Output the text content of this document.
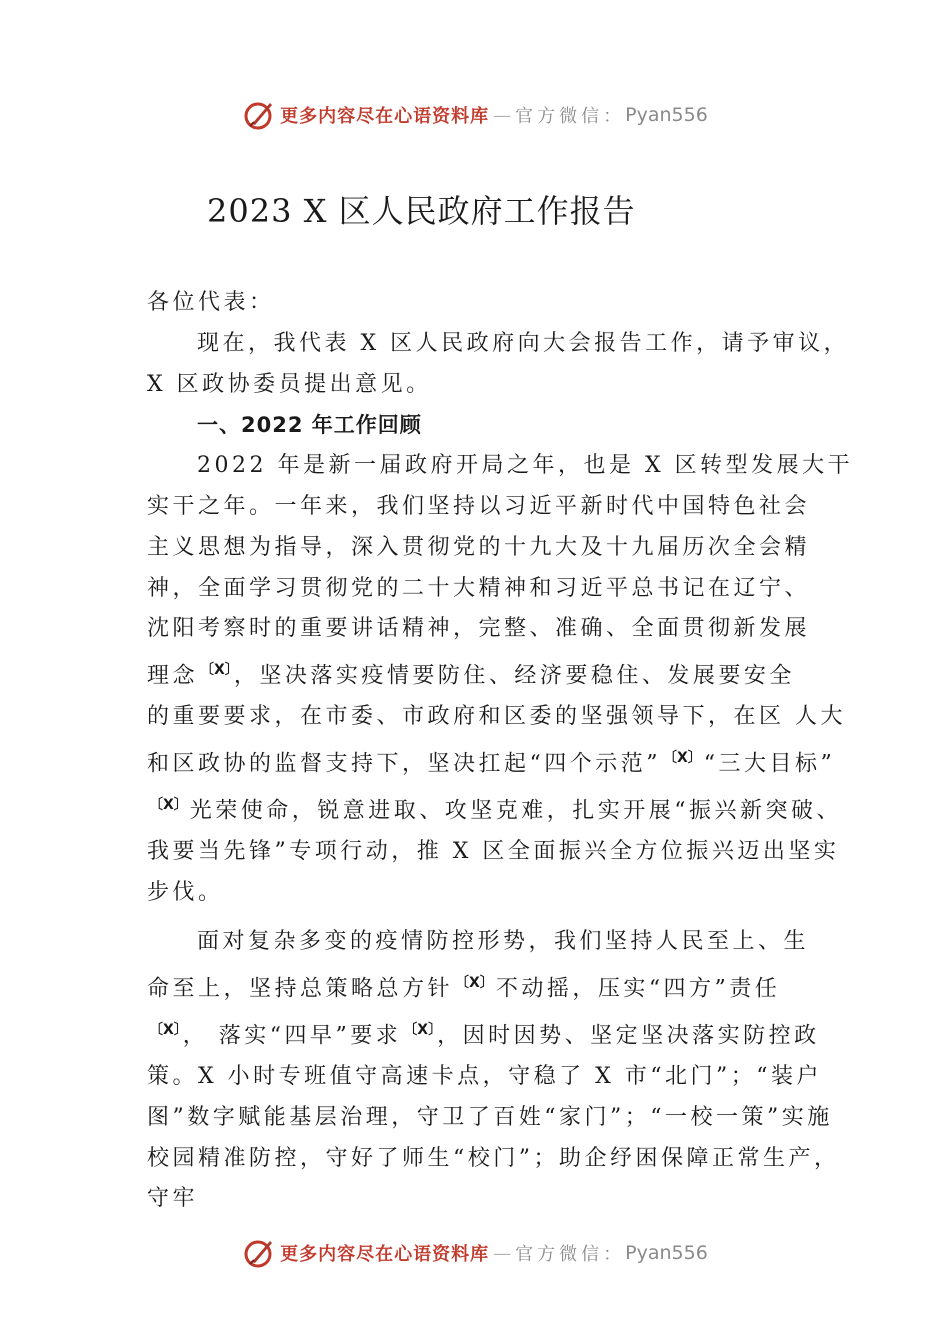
更多内容尽在心语资料库 — 官方微信： Pyan556
2023 X 区人民政府工作报告

各位代表：

现在，我代表 X 区人民政府向大会报告工作，请予审议，
X 区政协委员提出意见。

一、2022 年工作回顾

2022 年是新一届政府开局之年，也是 X 区转型发展大干
实干之年。一年来，我们坚持以习近平新时代中国特色社会
主义思想为指导，深入贯彻党的十九大及十九届历次全会精
神，全面学习贯彻党的二十大精神和习近平总书记在辽宁、
沈阳考察时的重要讲话精神，完整、准确、全面贯彻新发展
理念 $^{〔X〕}$，坚决落实疫情要防住、经济要稳住、发展要安全
的重要要求，在市委、市政府和区委的坚强领导下，在区 人大
和区政协的监督支持下，坚决扛起“四个示范” $^{〔X〕}$“三大目标”
$^{〔X〕}$光荣使命，锐意进取、攻坚克难，扎实开展“振兴新突破、
我要当先锋”专项行动，推 X 区全面振兴全方位振兴迈出坚实
步伐。

面对复杂多变的疫情防控形势，我们坚持人民至上、生
命至上，坚持总策略总方针 $^{〔X〕}$不动摇，压实“四方”责任
$^{〔X〕}$， 落实“四早”要求 $^{〔X〕}$，因时因势、坚定坚决落实防控政
策。X 小时专班值守高速卡点，守稳了 X 市“北门”；“装户
图”数字赋能基层治理，守卫了百姓“家门”；“一校一策”实施
校园精准防控，守好了师生“校门”；助企纾困保障正常生产，
守牢

更多内容尽在心语资料库 — 官方微信： Pyan556
